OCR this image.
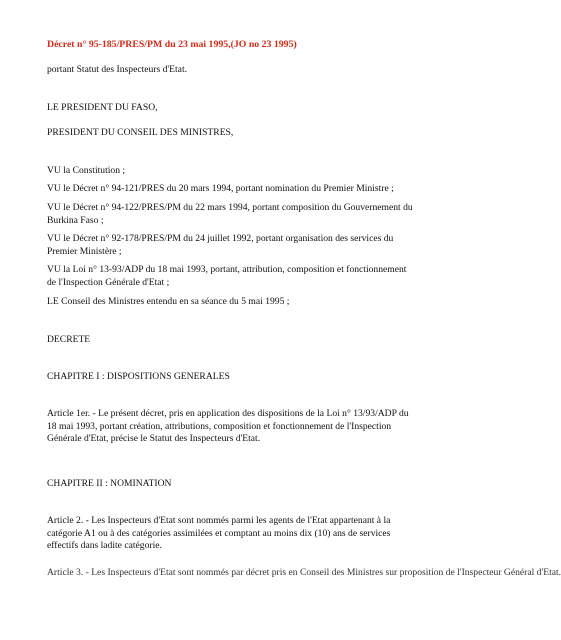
Décret n° 95-185/PRES/PM du 23 mai 1995,(JO no 23 1995)
portant Statut des Inspecteurs d'Etat.
LE PRESIDENT DU FASO,
PRESIDENT DU CONSEIL DES MINISTRES,
VU la Constitution ;
VU le Décret n° 94-121/PRES du 20 mars 1994, portant nomination du Premier Ministre ;
VU le Décret n° 94-122/PRES/PM du 22 mars 1994, portant composition du Gouvernement du Burkina Faso ;
VU le Décret n° 92-178/PRES/PM du 24 juillet 1992, portant organisation des services du Premier Ministère ;
VU la Loi n° 13-93/ADP du 18 mai 1993, portant, attribution, composition et fonctionnement de l'Inspection Générale d'Etat ;
LE Conseil des Ministres entendu en sa séance du 5 mai 1995 ;
DECRETE
CHAPITRE I : DISPOSITIONS GENERALES
Article 1er. - Le présent décret, pris en application des dispositions de la Loi n° 13/93/ADP du 18 mai 1993, portant création, attributions, composition et fonctionnement de l'Inspection Générale d'Etat, précise le Statut des Inspecteurs d'Etat.
CHAPITRE II : NOMINATION
Article 2. - Les Inspecteurs d'Etat sont nommés parmi les agents de l'Etat appartenant à la catégorie A1 ou à des catégories assimilées et comptant au moins dix (10) ans de services effectifs dans ladite catégorie.
Article 3. - Les Inspecteurs d'Etat sont nommés par décret pris en Conseil des Ministres sur proposition de l'Inspecteur Général d'Etat.
